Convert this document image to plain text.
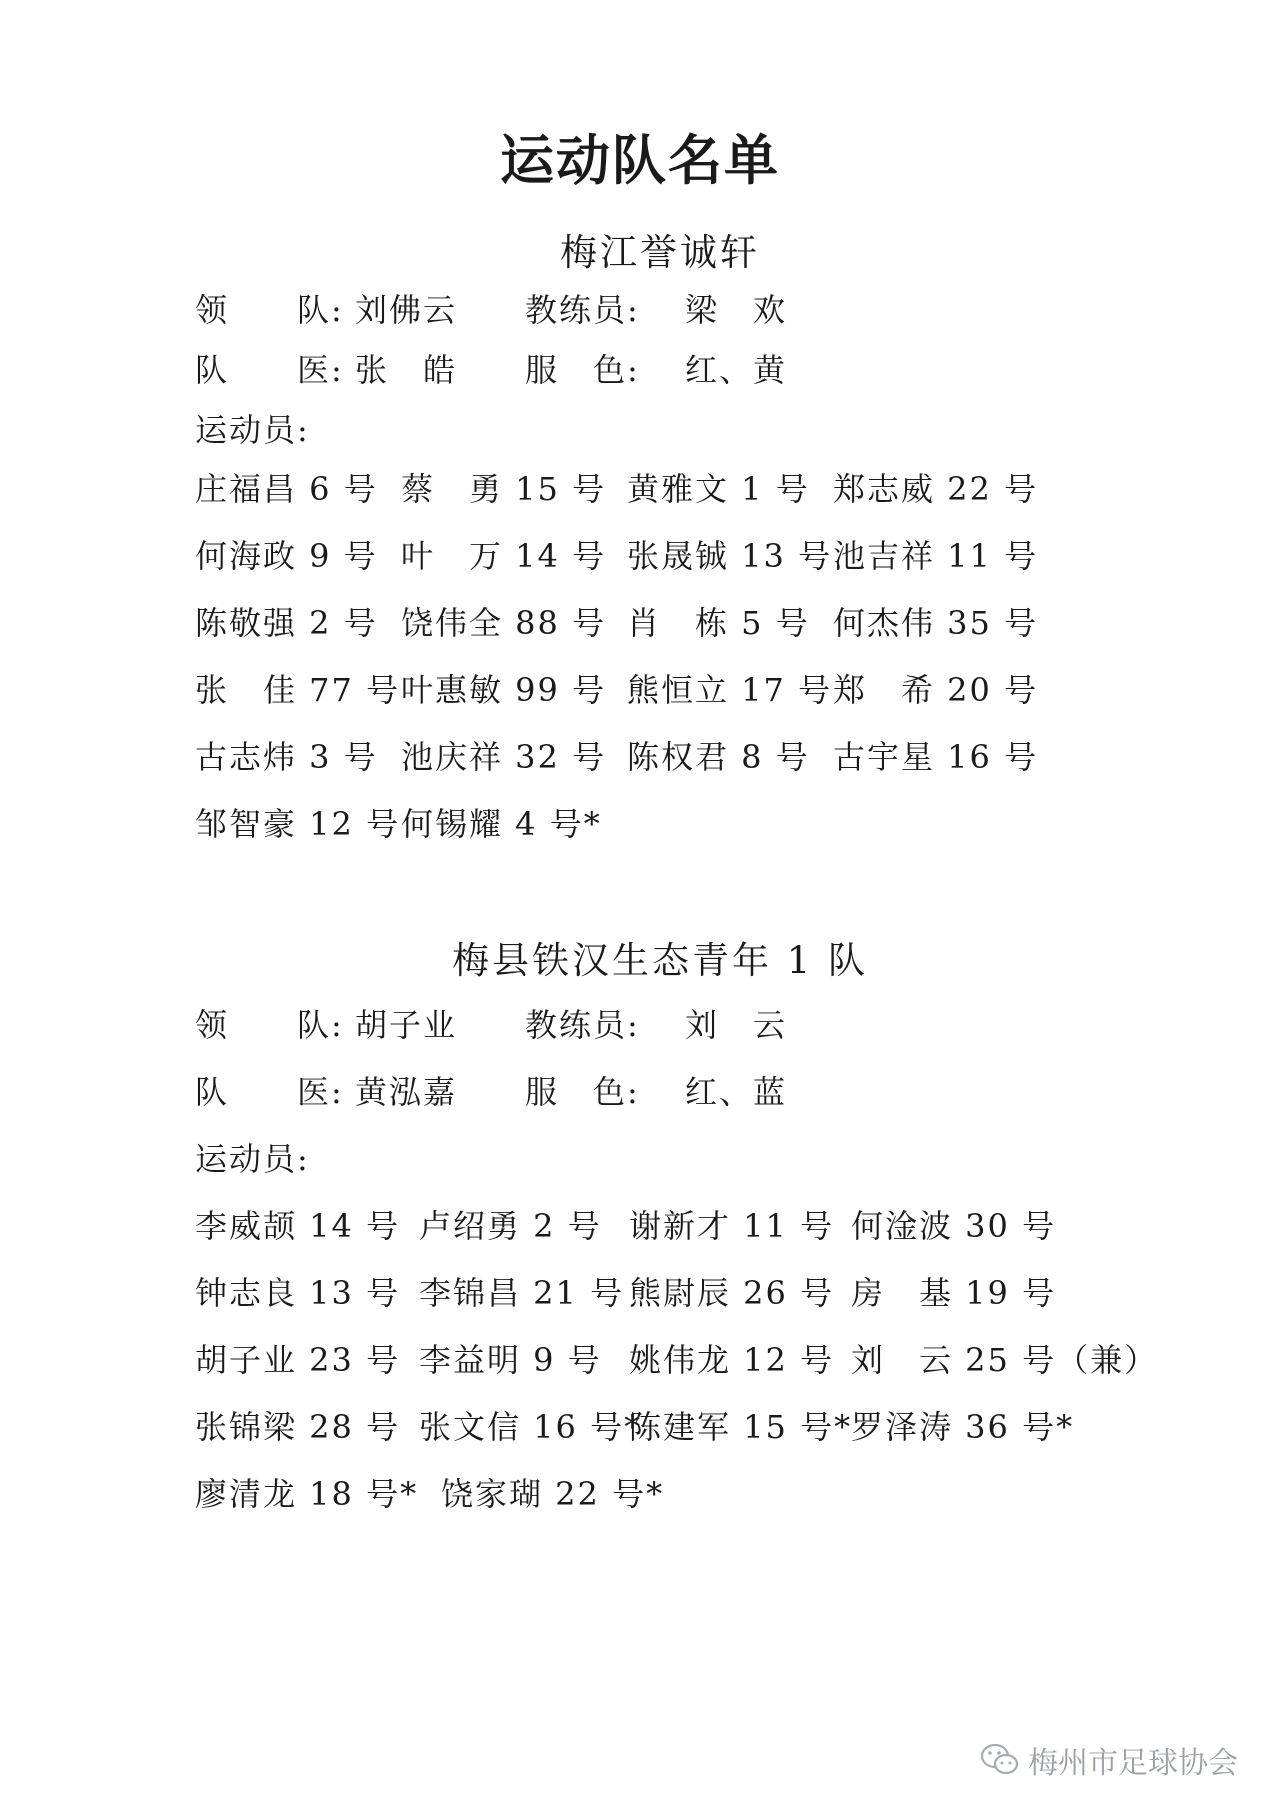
运动队名单
梅江誉诚轩
领　　队: 刘佛云 教练员: 梁　欢
队　　医: 张　皓 服　色: 红、黄
运动员:
庄福昌 6 号 蔡　勇 15 号 黄雅文 1 号 郑志威 22 号
何海政 9 号 叶　万 14 号 张晟铖 13 号池吉祥 11 号
陈敬强 2 号 饶伟全 88 号 肖　栋 5 号 何杰伟 35 号
张　佳 77 号叶惠敏 99 号 熊恒立 17 号郑　希 20 号
古志炜 3 号 池庆祥 32 号 陈权君 8 号 古宇星 16 号
邹智豪 12 号何锡耀 4 号*
梅县铁汉生态青年 1 队
领　　队: 胡子业 教练员: 刘　云
队　　医: 黄泓嘉 服　色: 红、蓝
运动员:
李威颉 14 号 卢绍勇 2 号 谢新才 11 号 何淦波 30 号
钟志良 13 号 李锦昌 21 号 熊尉辰 26 号 房　基 19 号
胡子业 23 号 李益明 9 号 姚伟龙 12 号 刘　云 25 号（兼）
张锦梁 28 号 张文信 16 号*陈建军 15 号*罗泽涛 36 号*
廖清龙 18 号* 饶家瑚 22 号*
梅州市足球协会
